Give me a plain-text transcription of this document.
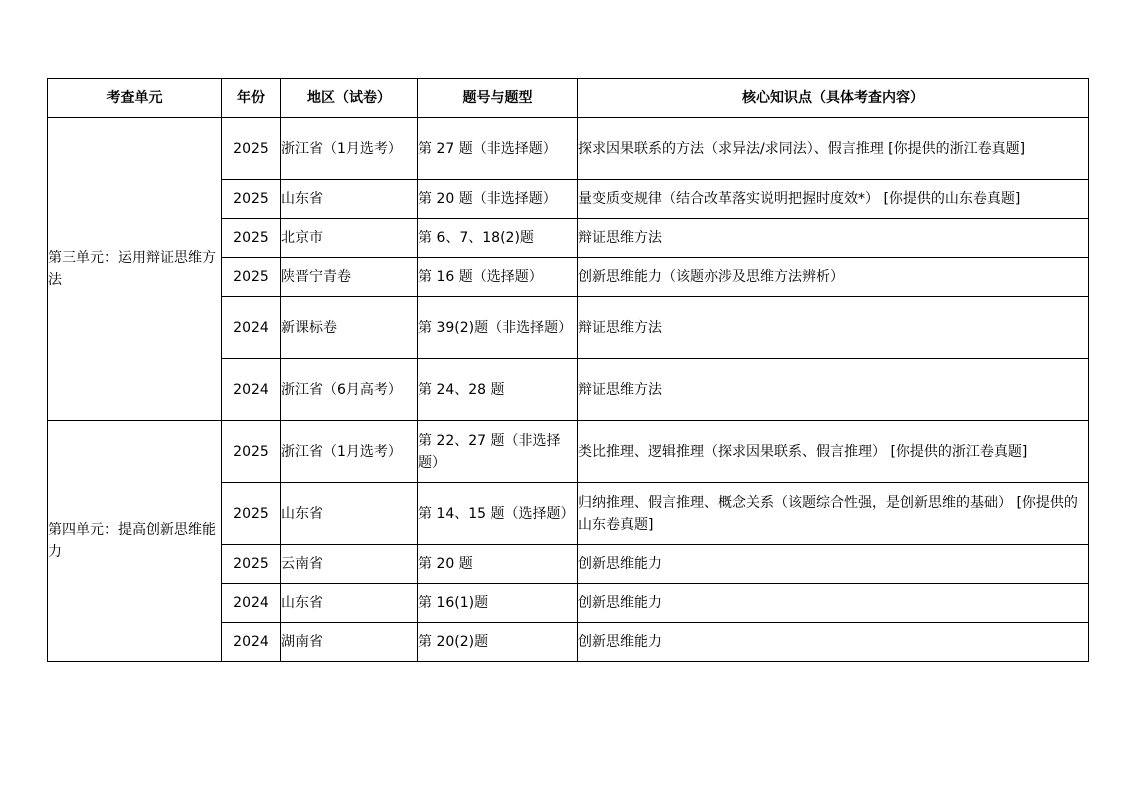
考查单元	年份	地区（试卷）	题号与题型	核心知识点（具体考查内容）
第三单元：运用辩证思维方法	2025	浙江省（1月选考）	第 27 题（非选择题）	探求因果联系的方法（求异法/求同法）、假言推理 [你提供的浙江卷真题]
	2025	山东省	第 20 题（非选择题）	量变质变规律（结合改革落实说明把握时度效*） [你提供的山东卷真题]
	2025	北京市	第 6、7、18(2)题	辩证思维方法
	2025	陕晋宁青卷	第 16 题（选择题）	创新思维能力（该题亦涉及思维方法辨析）
	2024	新课标卷	第 39(2)题（非选择题）	辩证思维方法
	2024	浙江省（6月高考）	第 24、28 题	辩证思维方法
第四单元：提高创新思维能力	2025	浙江省（1月选考）	第 22、27 题（非选择题）	类比推理、逻辑推理（探求因果联系、假言推理） [你提供的浙江卷真题]
	2025	山东省	第 14、15 题（选择题）	归纳推理、假言推理、概念关系（该题综合性强，是创新思维的基础） [你提供的山东卷真题]
	2025	云南省	第 20 题	创新思维能力
	2024	山东省	第 16(1)题	创新思维能力
	2024	湖南省	第 20(2)题	创新思维能力
